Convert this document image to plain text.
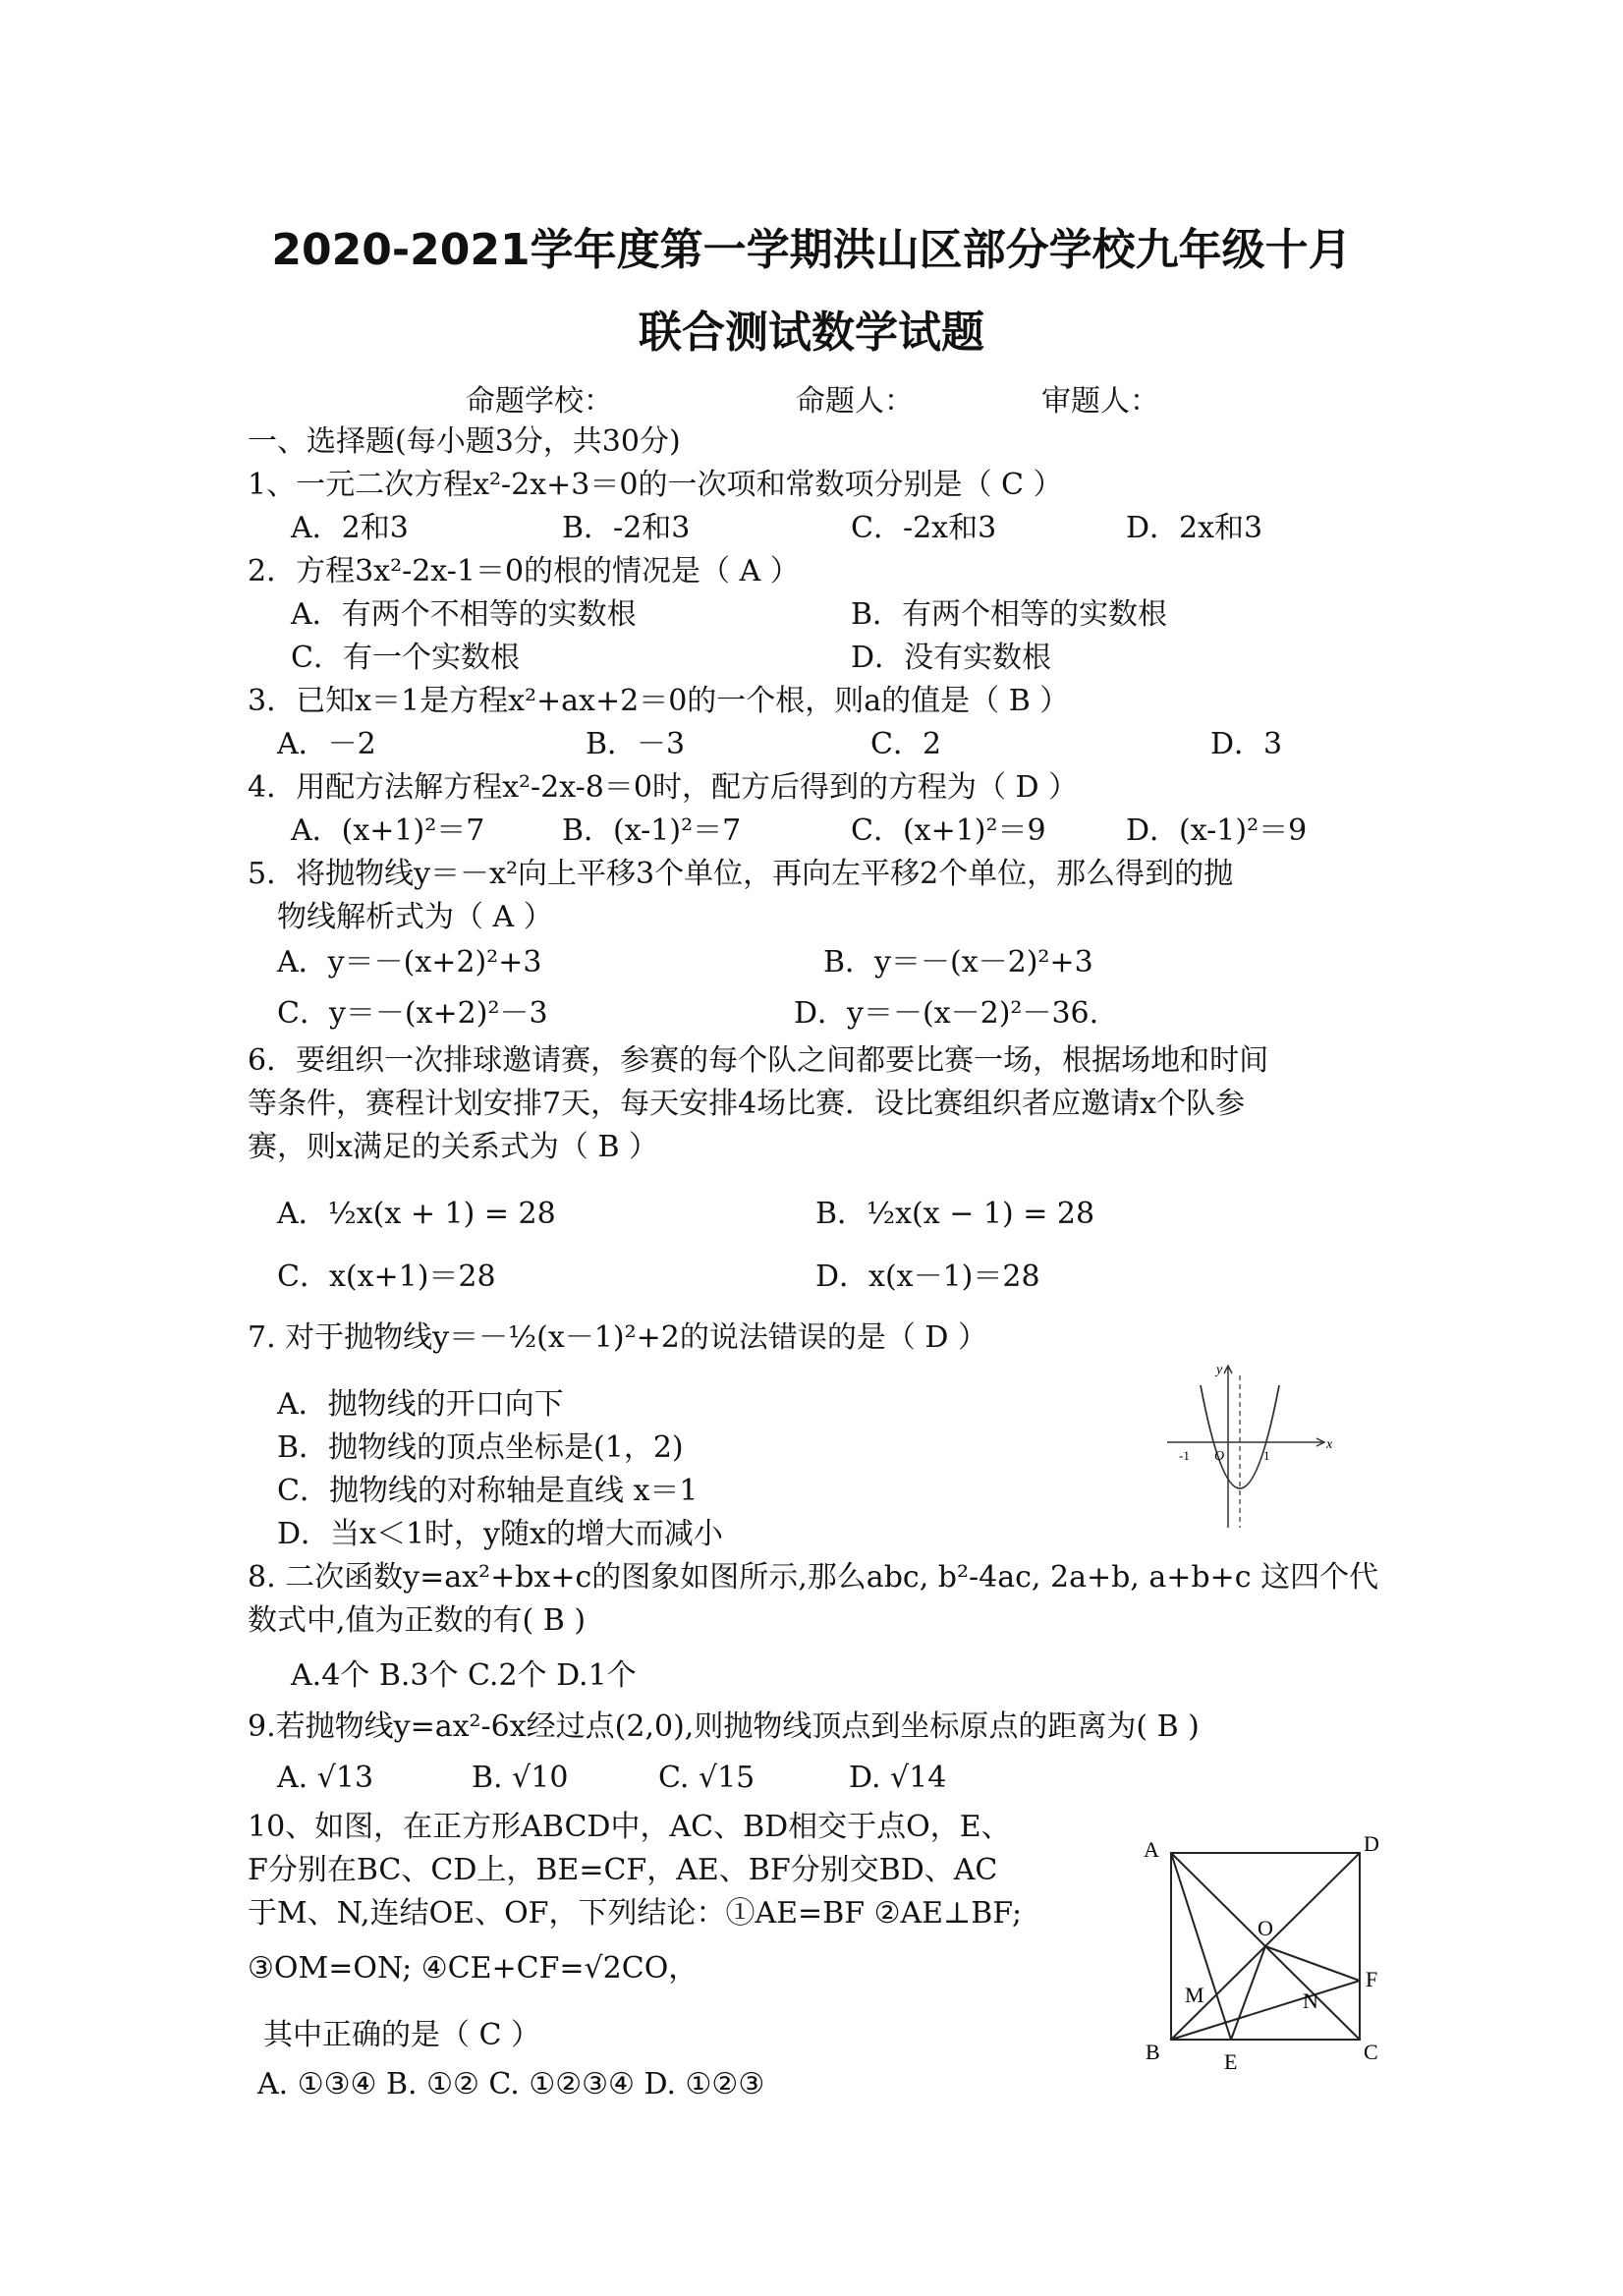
2020-2021学年度第一学期洪山区部分学校九年级十月
联合测试数学试题
命题学校：	命题人：	审题人：
一、选择题(每小题3分，共30分)
1、一元二次方程x²-2x+3＝0的一次项和常数项分别是（ C ）
A．2和3	B．-2和3	C．-2x和3	D．2x和3
2．方程3x²-2x-1＝0的根的情况是（ A ）
A．有两个不相等的实数根	B．有两个相等的实数根
C．有一个实数根	D．没有实数根
3．已知x＝1是方程x²+ax+2＝0的一个根，则a的值是（ B ）
A．－2	B．－3	C．2	D．3
4．用配方法解方程x²-2x-8＝0时，配方后得到的方程为（ D ）
A．(x+1)²＝7	B．(x-1)²＝7	C．(x+1)²＝9	D．(x-1)²＝9
5．将抛物线y＝－x²向上平移3个单位，再向左平移2个单位，那么得到的抛
物线解析式为（ A ）
A．y＝－(x+2)²+3	B．y＝－(x－2)²+3
C．y＝－(x+2)²－3	D．y＝－(x－2)²－36.
6．要组织一次排球邀请赛，参赛的每个队之间都要比赛一场，根据场地和时间
等条件，赛程计划安排7天，每天安排4场比赛．设比赛组织者应邀请x个队参
赛，则x满足的关系式为（ B ）
A．½x(x + 1) = 28	B．½x(x − 1) = 28
C．x(x+1)＝28	D．x(x－1)＝28
7. 对于抛物线y＝－½(x－1)²+2的说法错误的是（ D ）
A．抛物线的开口向下
B．抛物线的顶点坐标是(1，2)
C．抛物线的对称轴是直线 x＝1
D．当x＜1时，y随x的增大而减小
y
x
-1 O	1
8. 二次函数y=ax²+bx+c的图象如图所示,那么abc, b²-4ac, 2a+b, a+b+c 这四个代
数式中,值为正数的有( B )
A.4个 B.3个 C.2个 D.1个
9.若抛物线y=ax²-6x经过点(2,0),则抛物线顶点到坐标原点的距离为( B )
A. √13	B. √10	C. √15	D. √14
10、如图，在正方形ABCD中，AC、BD相交于点O，E、
F分别在BC、CD上，BE=CF，AE、BF分别交BD、AC
于M、N,连结OE、OF，下列结论：①AE=BF ②AE⊥BF;
③OM=ON; ④CE+CF=√2CO，
其中正确的是（ C ）
A. ①③④ B. ①② C. ①②③④ D. ①②③
A	D
B	C
O
E
F
M	N
